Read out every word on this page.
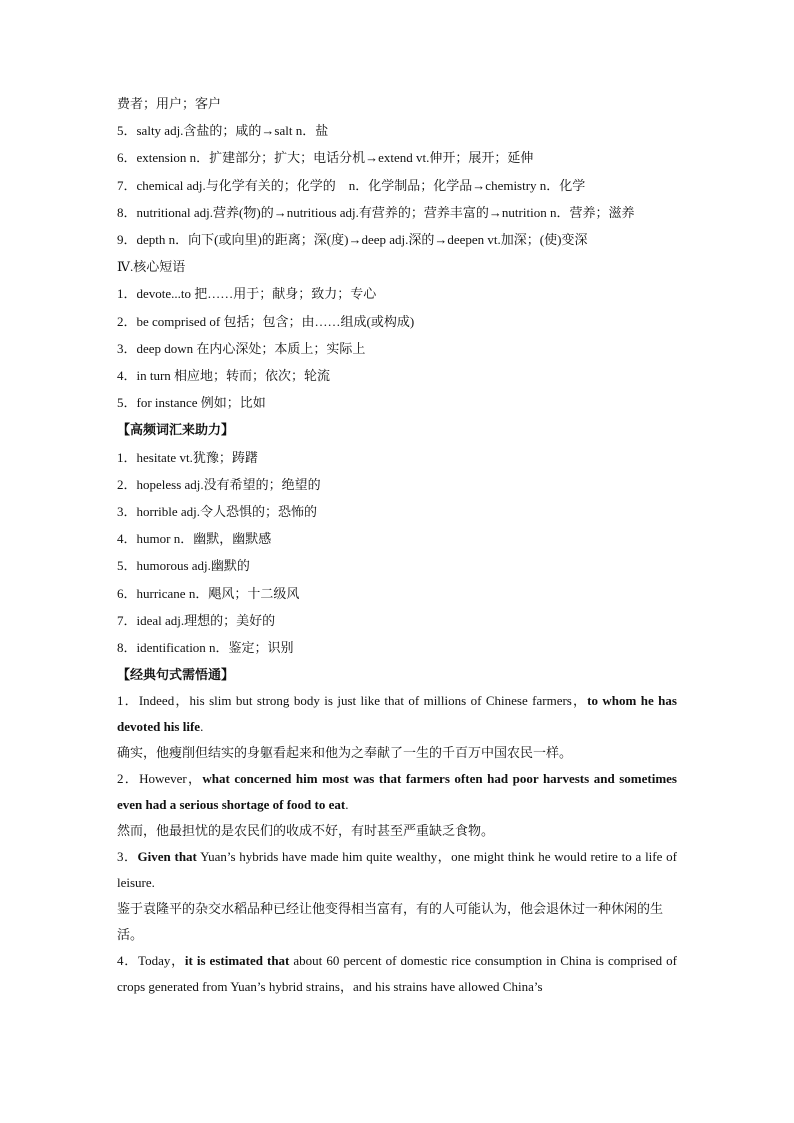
费者；用户；客户
5．salty adj.含盐的；咸的→salt n．盐
6．extension n．扩建部分；扩大；电话分机→extend vt.伸开；展开；延伸
7．chemical adj.与化学有关的；化学的　n．化学制品；化学品→chemistry n．化学
8．nutritional adj.营养(物)的→nutritious adj.有营养的；营养丰富的→nutrition n．营养；滋养
9．depth n．向下(或向里)的距离；深(度)→deep adj.深的→deepen vt.加深；(使)变深
Ⅳ.核心短语
1．devote...to 把……用于；献身；致力；专心
2．be comprised of 包括；包含；由……组成(或构成)
3．deep down 在内心深处；本质上；实际上
4．in turn 相应地；转而；依次；轮流
5．for instance 例如；比如
【高频词汇来助力】
1．hesitate vt.犹豫；踌躇
2．hopeless adj.没有希望的；绝望的
3．horrible adj.令人恐惧的；恐怖的
4．humor n．幽默，幽默感
5．humorous adj.幽默的
6．hurricane n．飓风；十二级风
7．ideal adj.理想的；美好的
8．identification n．鉴定；识别
【经典句式需悟通】
1．Indeed，his slim but strong body is just like that of millions of Chinese farmers，to whom he has devoted his life.
确实，他瘦削但结实的身躯看起来和他为之奉献了一生的千百万中国农民一样。
2．However，what concerned him most was that farmers often had poor harvests and sometimes even had a serious shortage of food to eat.
然而，他最担忧的是农民们的收成不好，有时甚至严重缺乏食物。
3．Given that Yuan’s hybrids have made him quite wealthy，one might think he would retire to a life of leisure.
鉴于袁隆平的杂交水稻品种已经让他变得相当富有，有的人可能认为，他会退休过一种休闲的生活。
4．Today，it is estimated that about 60 percent of domestic rice consumption in China is comprised of crops generated from Yuan’s hybrid strains，and his strains have allowed China’s
